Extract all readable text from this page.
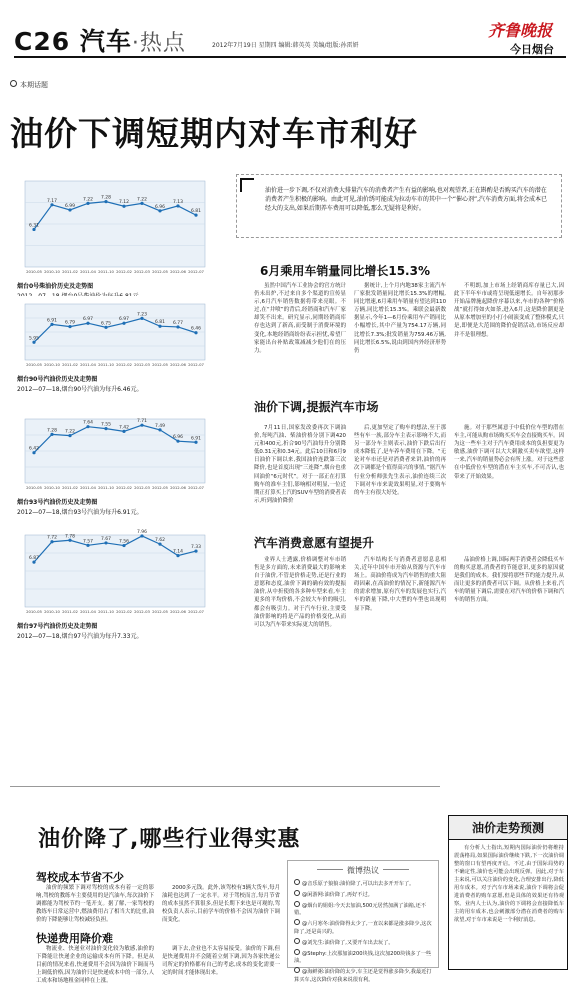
C26 汽车·热点	2012年7月19日 星期四 编辑:韩英英 美编/组版:孙雷妍
齐鲁晚报
今日烟台
本期话题
油价下调短期内对车市利好
6.31
7.17
6.99
7.22 7.28
7.12
7.22
6.96
7.13
6.81
2010-05 2010-10 2011-02 2011-04 2011-10 2012-02 2012-03 2012-05 2012-06 2012-07
烟台0号柴油价历史及走势图
5.95
6.91 6.79
6.97
6.75
6.97
7.23
6.81 6.77
6.46
2010-05 2010-10 2011-02 2011-04 2011-10 2012-02 2012-03 2012-05 2012-06 2012-07
烟台90号汽油价历史及走势图
2012—07—18,烟台90号汽油为每升6.46元。
6.42
7.28 7.22
7.64 7.55
7.42
7.71
7.49
6.96 6.91
2010-05 2010-10 2011-02 2011-04 2011-10 2012-02 2012-03 2012-05 2012-06 2012-07
烟台93号汽油价历史及走势图
2012—07—18,烟台93号汽油为每升6.91元。
6.87
7.72 7.78
7.57 7.67
7.56
7.96
7.62
7.14
7.33
2010-05 2010-10 2011-02 2011-04 2011-10 2012-02 2012-03 2012-05 2012-06 2012-07
烟台97号汽油价历史及走势图
2012—07—18,烟台97号汽油为每升7.33元。
油价进一步下调,不仅对消费大排量汽车的消费者产生有益的影响,也对观望者,正在斟酌是否购买汽车的潜在消费者产生积极的影响。由此可见,油价绣可能成为拉动车市的其中一个“催心剂”,汽车消费方面,将会成本已经大的支出,如果后期养车费用可以降低,那么无疑将是利好。
6月乘用车销量同比增长15.3%
虽然中国汽车工业协会的官方统计仍未出炉,不过来自多个渠道的宣传显示,6月汽车销售数据将带来亮眼。不过,在“井喷”的背后,经销商和汽车厂家却笑不出来。研究显示,同期经销商库存也达到了新高,而受制于消费环境的变化,本地经销商纷纷表示担忧,希望厂家能出台补贴政策减减少他们在的压力。
据统计,上个月内地38家主流汽车厂家批发销量同比增长15.3%的增幅,同比增速,6月乘用车销量有望达到110万辆,同比增长15.3%。乘联会最新数据显示,今年1—6月份乘用车产销同比小幅增长,其中产量为754.17万辆,同比增长7.3%;批发销量为759.46万辆,同比增长6.5%,说由到国内外经济形势仍
不明朗,加上市场上经销商库存量已大,因此下半年车市或将呈现低速增长。自年初那步开始品牌施起降价序幕以来,车市的各种“价格战”就打得如火如荼,进入6月,这是降价潮更是从原本增加至的小打小闹演变成了整体模式,只是,即便是大范围的降价促销活动,市场反应却并不是很理想。
油价下调,提振汽车市场
7月11日,国家发改委再次下调油价,每吨汽油、柴油价格分别下调420元和400元,折合90号汽油每升分别降低0.31元和0.34元。此后10日和6月9日油价下调以来,我国油价连跌第三次降价,也是首度出现“三连降”,烟台也重回油价“6元时代”。对于一部正在打算购车的准车主们,影响相对明显,一位近期正打算买上汽的SUV车型的消费者表示,听到油价降价
后,更加坚定了购车的想法,至于那些有车一族,部分车主表示影响不大,而另一部分车主则表示,油价下跌后出行成本降低了,是车养车费用在下降。“无论对车市还是对消费者来讲,油价的再次下调都是个值得高兴的事情。”据汽车行业分析师张先生表示,油价连续三次下调对车市来说效果明显,对于要购车的车主有很大好处。
施。对于那些属意于中低价位车型的潜在车主,可能从购市场购买买车会直接购买车。因为这一些车主对于汽车费用成本的负担要更为敏感,油价下调可以大大刺激买卖车欲望,这样一来,汽车的销量势必会有所上涨。对于这些意在中低价位车型的潜在车主买车,不可否认,也带来了开始效果。
汽车消费意愿有望提升
业界人士透露,价格调整对车市销售是多方面的,未来消费最大的影响来自于油价,不管是价格走势,还是行业的意愿和态度,油价下调的确有效的提振油价,从中折使的各多种车型来看,车主更多的平均价格,不会较大车价的吸引,都会有吸引力。对于汽车行业,主要受油价影响的将是产品的价格变化,从而可以为汽车带来实际更大的销售。
汽车结构长与消费者意愿息息相关,近年中国车市开始从资源与汽车市场上。高油价将成为汽车销售的重大阻碍因素,在高油价的情况下,新能源汽车的需求增加,原有汽车的发展也实行,汽车的销量下降,中大型的车型也出现明显下降。
品油价格上调,国际两手消费者会降低买车的购买意愿,消费者的节能意识,更多的原因就是我们的成本。我们要将那些节约能力提升,从而让更多的消费者可以下调。从价格上来看,汽车的销量下调后,需要在对汽车的价格下调和汽车的销售方面。
油价降了,哪些行业得实惠
驾校成本节省不少
油价的频繁下调对驾校的成本有着一定的影响,驾校的教练车主要使用的是汽油车,每次油价下调都能为驾校节约一笔开支。据了解,一家驾校的教练车日常运营中,燃油费用占了相当大的比重,油价的下降能够让驾校减轻负担。
2000多元钱。此外,该驾校有3辆大货车,每月油耗也达到了一定水平。对于驾校而言,每月节省的成本虽然不算很多,但是长期下来也是可观的,驾校负责人表示,目前学车的价格不会因为油价下调而变化。
快递费用降价难
物流业、快递业对油价变化较为敏感,油价的下降能让快递企业的运输成本有所下降。但是从目前的情况来看,快递费用不会因为油价下调而马上调低价格,因为油价只是快递成本中的一部分,人工成本和场地租金同样在上涨。
调下去,企业也不太容易接受。油价的下调,但是快递费用并不会随着立刻下调,因为各家快递公司所定的价格都有自己的考虑,成本的变化需要一定的时间才能体现出来。
微博热议

@音乐原子狼狼:油价降了,可以出去多开开车了。

@闲游网:油价降了,再好不过。

@烟台的姐姐:今天去加油,500元居然加满了油箱,还不错。

@六月寒冬:油价降得太少了,一直以来都是涨多降少,这次降了,还是高兴的。

@刘先生:油价降了,又要开车出去玩了。

@Stephy:上次那加油200块钱,这次加200块钱多了一些油。

@海鲜粥:油价降的太少,车主还是觉得涨多降少,我最近打算买车,这次降价对我来说很有利。

油价走势预测
有分析人士指出,短期内国际油价仍将维持震荡格局,如果国际油价继续下跌,下一次油价调整的窗口有望再度开启。不过,由于国际局势的不确定性,油价也可能会出现反弹。因此,对于车主来说,可以关注油价的变化,合理安排出行,降低用车成本。对于汽车市场来说,油价下调将会促进消费者的购车意愿,但是具体的效果还有待观察。业内人士认为,油价的下调将会直接降低车主的用车成本,也会刺激部分潜在消费者的购车欲望,对于车市来说是一个利好消息。
